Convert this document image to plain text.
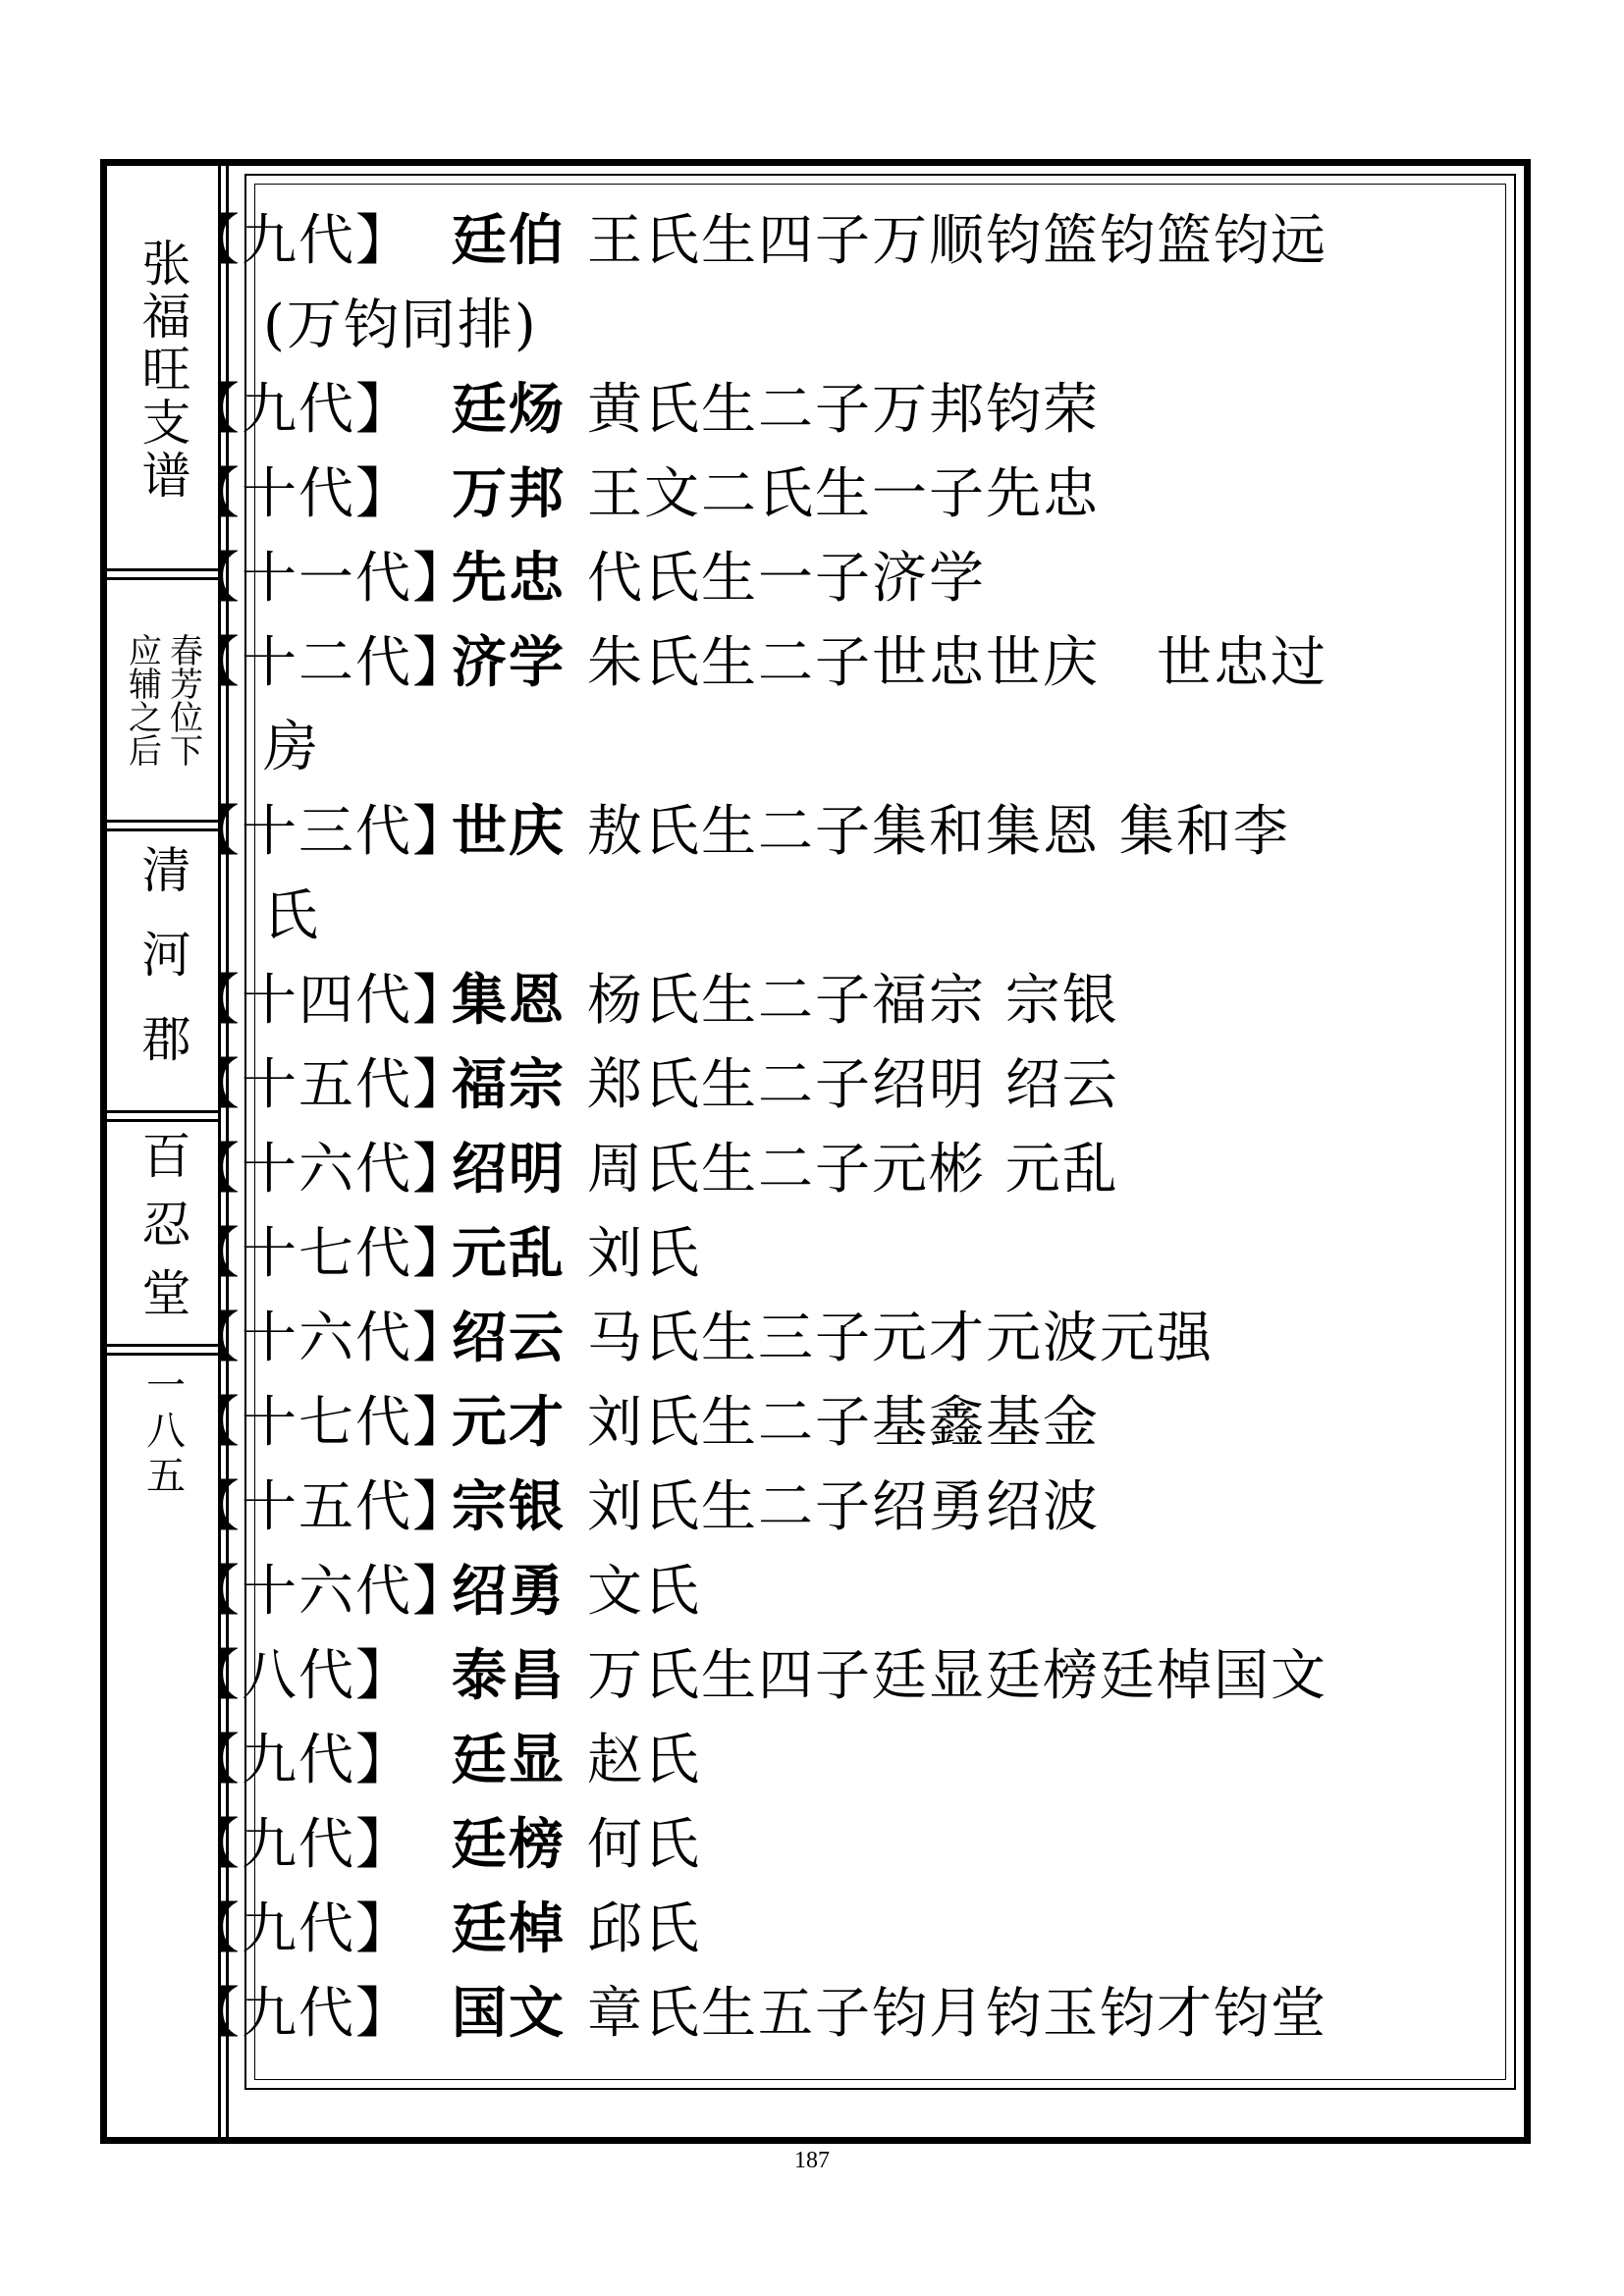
张福旺支谱
春芳位下
应辅之后
清河郡
百忍堂
一八五
【九代】 廷伯 王氏生四子万顺钧篮钧篮钧远
(万钧同排)
【九代】 廷炀 黄氏生二子万邦钧荣
【十代】 万邦 王文二氏生一子先忠
【十一代】先忠 代氏生一子济学
【十二代】济学 朱氏生二子世忠世庆　世忠过
房
【十三代】世庆 敖氏生二子集和集恩 集和李
氏
【十四代】集恩 杨氏生二子福宗 宗银
【十五代】福宗 郑氏生二子绍明 绍云
【十六代】绍明 周氏生二子元彬 元乱
【十七代】元乱 刘氏
【十六代】绍云 马氏生三子元才元波元强
【十七代】元才 刘氏生二子基鑫基金
【十五代】宗银 刘氏生二子绍勇绍波
【十六代】绍勇 文氏
【八代】 泰昌 万氏生四子廷显廷榜廷棹国文
【九代】 廷显 赵氏
【九代】 廷榜 何氏
【九代】 廷棹 邱氏
【九代】 国文 章氏生五子钧月钧玉钧才钧堂
187
